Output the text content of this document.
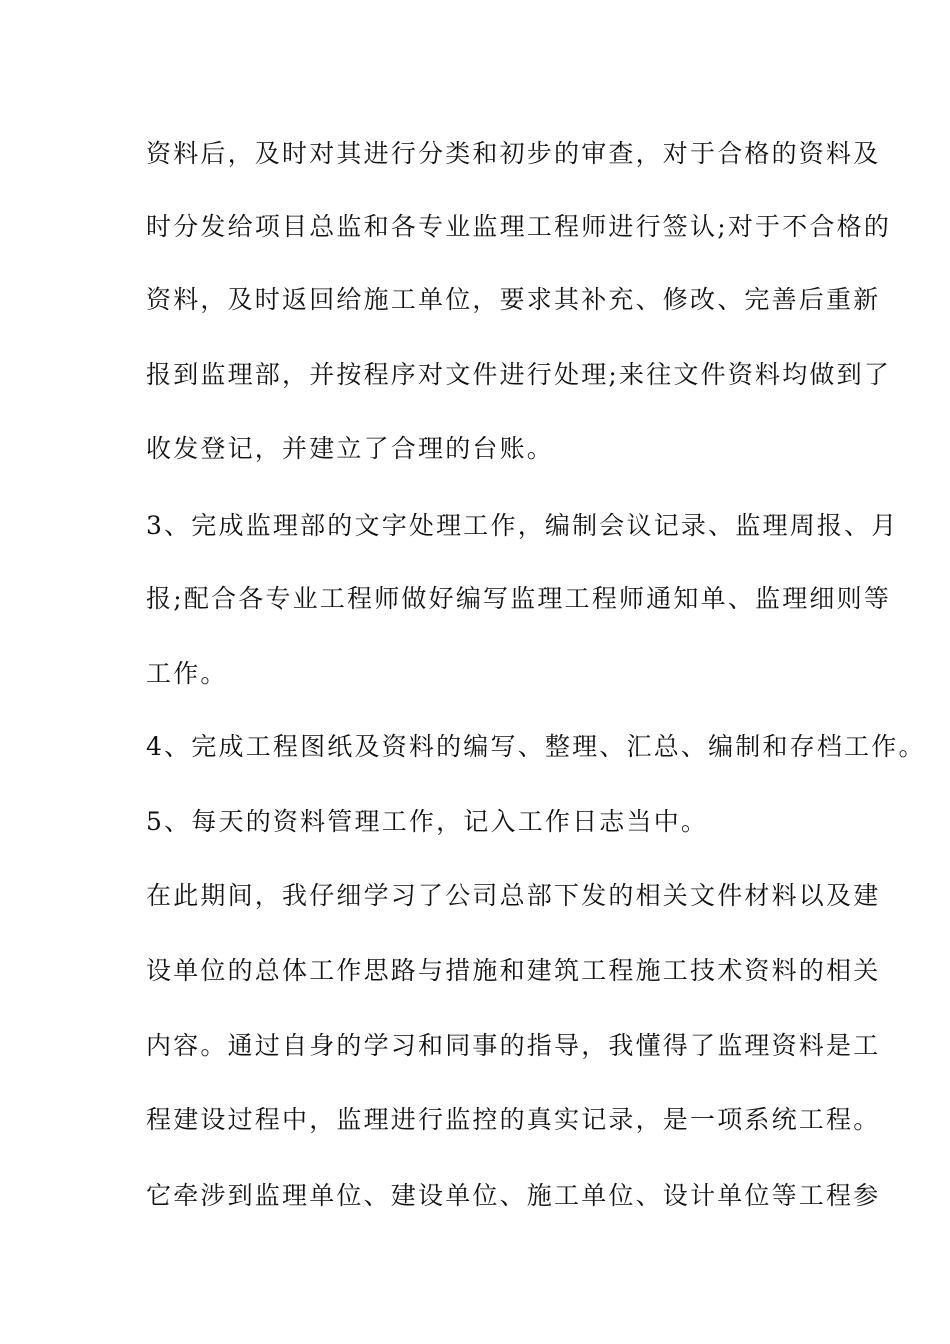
资料后，及时对其进行分类和初步的审查，对于合格的资料及
时分发给项目总监和各专业监理工程师进行签认;对于不合格的
资料，及时返回给施工单位，要求其补充、修改、完善后重新
报到监理部，并按程序对文件进行处理;来往文件资料均做到了
收发登记，并建立了合理的台账。
3、完成监理部的文字处理工作，编制会议记录、监理周报、月
报;配合各专业工程师做好编写监理工程师通知单、监理细则等
工作。
4、完成工程图纸及资料的编写、整理、汇总、编制和存档工作。
5、每天的资料管理工作，记入工作日志当中。
在此期间，我仔细学习了公司总部下发的相关文件材料以及建
设单位的总体工作思路与措施和建筑工程施工技术资料的相关
内容。通过自身的学习和同事的指导，我懂得了监理资料是工
程建设过程中，监理进行监控的真实记录，是一项系统工程。
它牵涉到监理单位、建设单位、施工单位、设计单位等工程参
